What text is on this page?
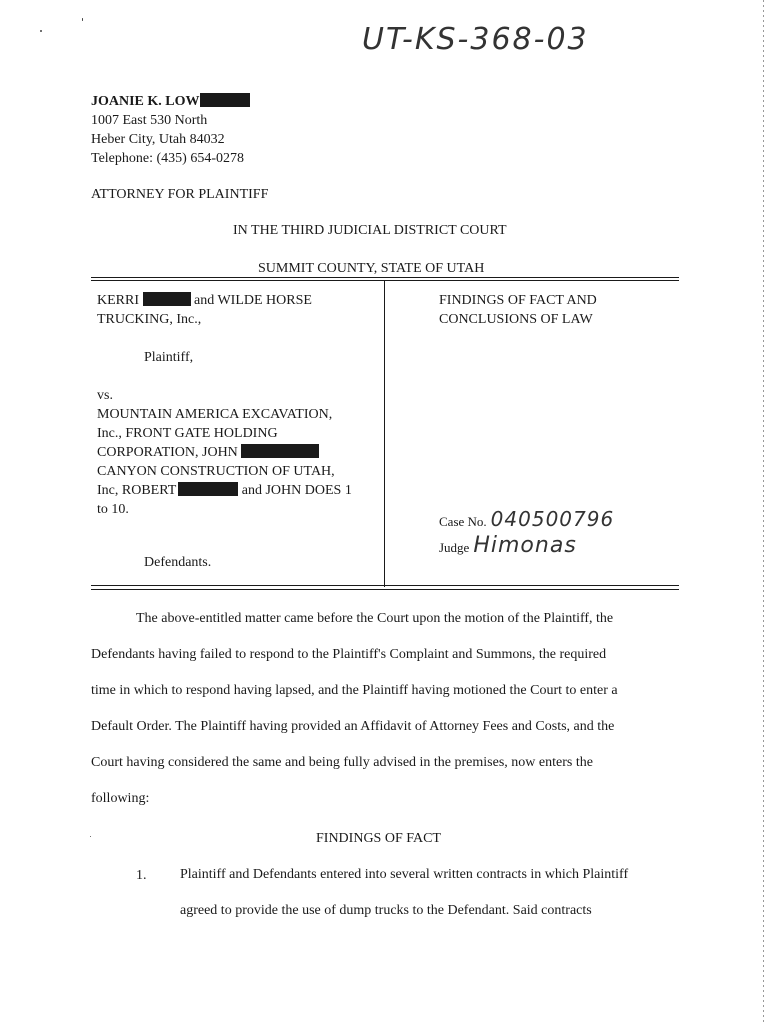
UT-KS-368-03
JOANIE K. LOW
1007 East 530 North
Heber City, Utah 84032
Telephone: (435) 654-0278
ATTORNEY FOR PLAINTIFF
IN THE THIRD JUDICIAL DISTRICT COURT
SUMMIT COUNTY, STATE OF UTAH
KERRI	and WILDE HORSE
TRUCKING, Inc.,
Plaintiff,
vs.
MOUNTAIN AMERICA EXCAVATION,
Inc., FRONT GATE HOLDING
CORPORATION, JOHN
CANYON CONSTRUCTION OF UTAH,
Inc, ROBERT	and JOHN DOES 1
to 10.
Defendants.
FINDINGS OF FACT AND
CONCLUSIONS OF LAW
Case No. 040500796
Judge Himonas
The above-entitled matter came before the Court upon the motion of the Plaintiff, the
Defendants having failed to respond to the Plaintiff's Complaint and Summons, the required
time in which to respond having lapsed, and the Plaintiff having motioned the Court to enter a
Default Order. The Plaintiff having provided an Affidavit of Attorney Fees and Costs, and the
Court having considered the same and being fully advised in the premises, now enters the
following:
FINDINGS OF FACT
1. Plaintiff and Defendants entered into several written contracts in which Plaintiff
agreed to provide the use of dump trucks to the Defendant. Said contracts
